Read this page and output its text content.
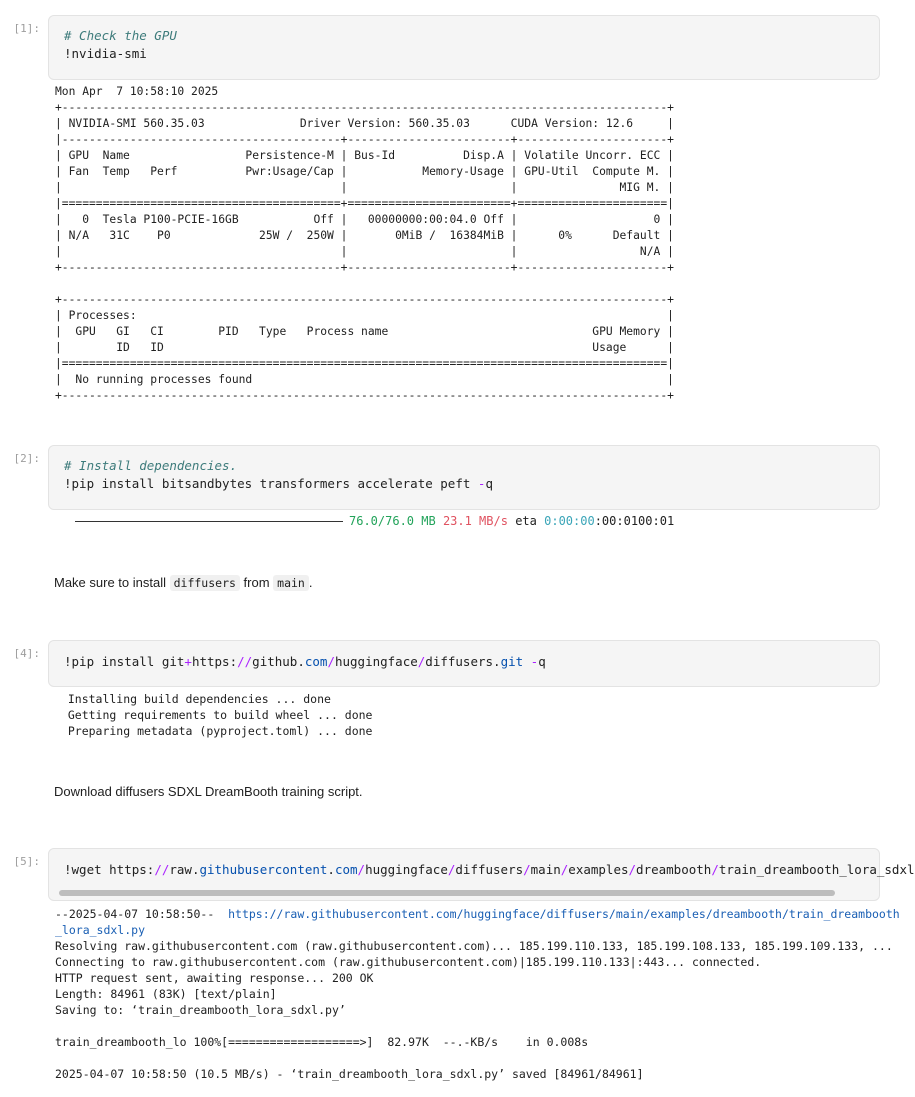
[1]: # Check the GPU
!nvidia-smi
Mon Apr  7 10:58:10 2025
+-----------------------------------------------------------------------------------------+
| NVIDIA-SMI 560.35.03              Driver Version: 560.35.03      CUDA Version: 12.6     |
|-----------------------------------------+------------------------+----------------------+
| GPU  Name                 Persistence-M | Bus-Id          Disp.A | Volatile Uncorr. ECC |
| Fan  Temp   Perf          Pwr:Usage/Cap |           Memory-Usage | GPU-Util  Compute M. |
|                                         |                        |               MIG M. |
|=========================================+========================+======================|
|   0  Tesla P100-PCIE-16GB           Off |   00000000:00:04.0 Off |                    0 |
| N/A   31C    P0             25W /  250W |       0MiB /  16384MiB |      0%      Default |
|                                         |                        |                  N/A |
+-----------------------------------------+------------------------+----------------------+

+-----------------------------------------------------------------------------------------+
| Processes:                                                                              |
|  GPU   GI   CI        PID   Type   Process name                              GPU Memory |
|        ID   ID                                                               Usage      |
|=========================================================================================|
|  No running processes found                                                             |
+-----------------------------------------------------------------------------------------+
[2]: # Install dependencies.
!pip install bitsandbytes transformers accelerate peft -q
76.0/76.0 MB 23.1 MB/s eta 0:00:00:00:0100:01
Make sure to install diffusers from main .
[4]:
!pip install git+https://github.com/huggingface/diffusers.git -q
Installing build dependencies ... done
Getting requirements to build wheel ... done
Preparing metadata (pyproject.toml) ... done
Download diffusers SDXL DreamBooth training script.
[5]:
!wget https://raw.githubusercontent.com/huggingface/diffusers/main/examples/dreambooth/train_dreambooth_lora_sdxl
--2025-04-07 10:58:50--  https://raw.githubusercontent.com/huggingface/diffusers/main/examples/dreambooth/train_dreambooth
_lora_sdxl.py
Resolving raw.githubusercontent.com (raw.githubusercontent.com)... 185.199.110.133, 185.199.108.133, 185.199.109.133, ...
Connecting to raw.githubusercontent.com (raw.githubusercontent.com)|185.199.110.133|:443... connected.
HTTP request sent, awaiting response... 200 OK
Length: 84961 (83K) [text/plain]
Saving to: ‘train_dreambooth_lora_sdxl.py’

train_dreambooth_lo 100%[===================>]  82.97K  --.-KB/s    in 0.008s

2025-04-07 10:58:50 (10.5 MB/s) - ‘train_dreambooth_lora_sdxl.py’ saved [84961/84961]
